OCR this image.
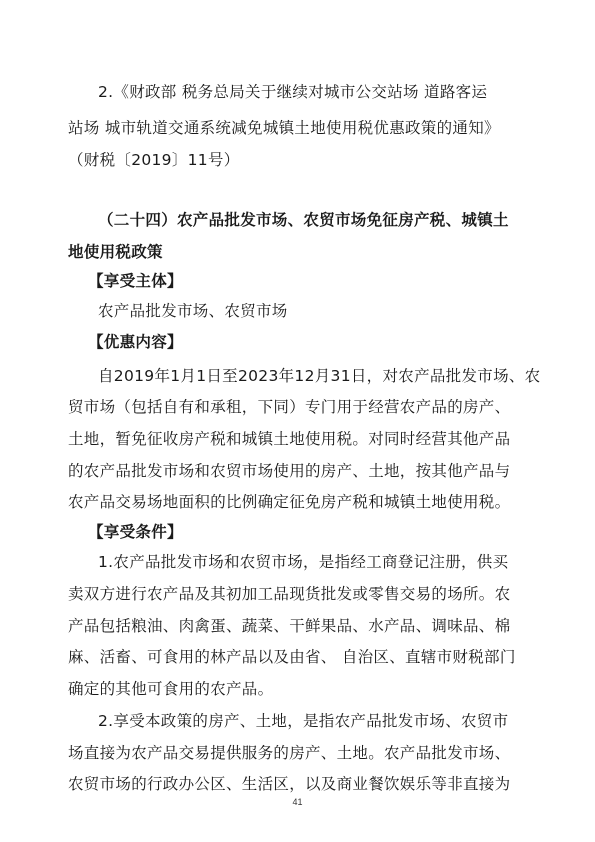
2.《财政部 税务总局关于继续对城市公交站场 道路客运
站场 城市轨道交通系统减免城镇土地使用税优惠政策的通知》
（财税〔2019〕11号）
（二十四）农产品批发市场、农贸市场免征房产税、城镇土
地使用税政策
【享受主体】
农产品批发市场、农贸市场
【优惠内容】
自2019年1月1日至2023年12月31日，对农产品批发市场、农
贸市场（包括自有和承租，下同）专门用于经营农产品的房产、
土地，暂免征收房产税和城镇土地使用税。对同时经营其他产品
的农产品批发市场和农贸市场使用的房产、土地，按其他产品与
农产品交易场地面积的比例确定征免房产税和城镇土地使用税。
【享受条件】
1.农产品批发市场和农贸市场，是指经工商登记注册，供买
卖双方进行农产品及其初加工品现货批发或零售交易的场所。农
产品包括粮油、肉禽蛋、蔬菜、干鲜果品、水产品、调味品、棉
麻、活畜、可食用的林产品以及由省、 自治区、直辖市财税部门
确定的其他可食用的农产品。
2.享受本政策的房产、土地，是指农产品批发市场、农贸市
场直接为农产品交易提供服务的房产、土地。农产品批发市场、
农贸市场的行政办公区、生活区，以及商业餐饮娱乐等非直接为
41
